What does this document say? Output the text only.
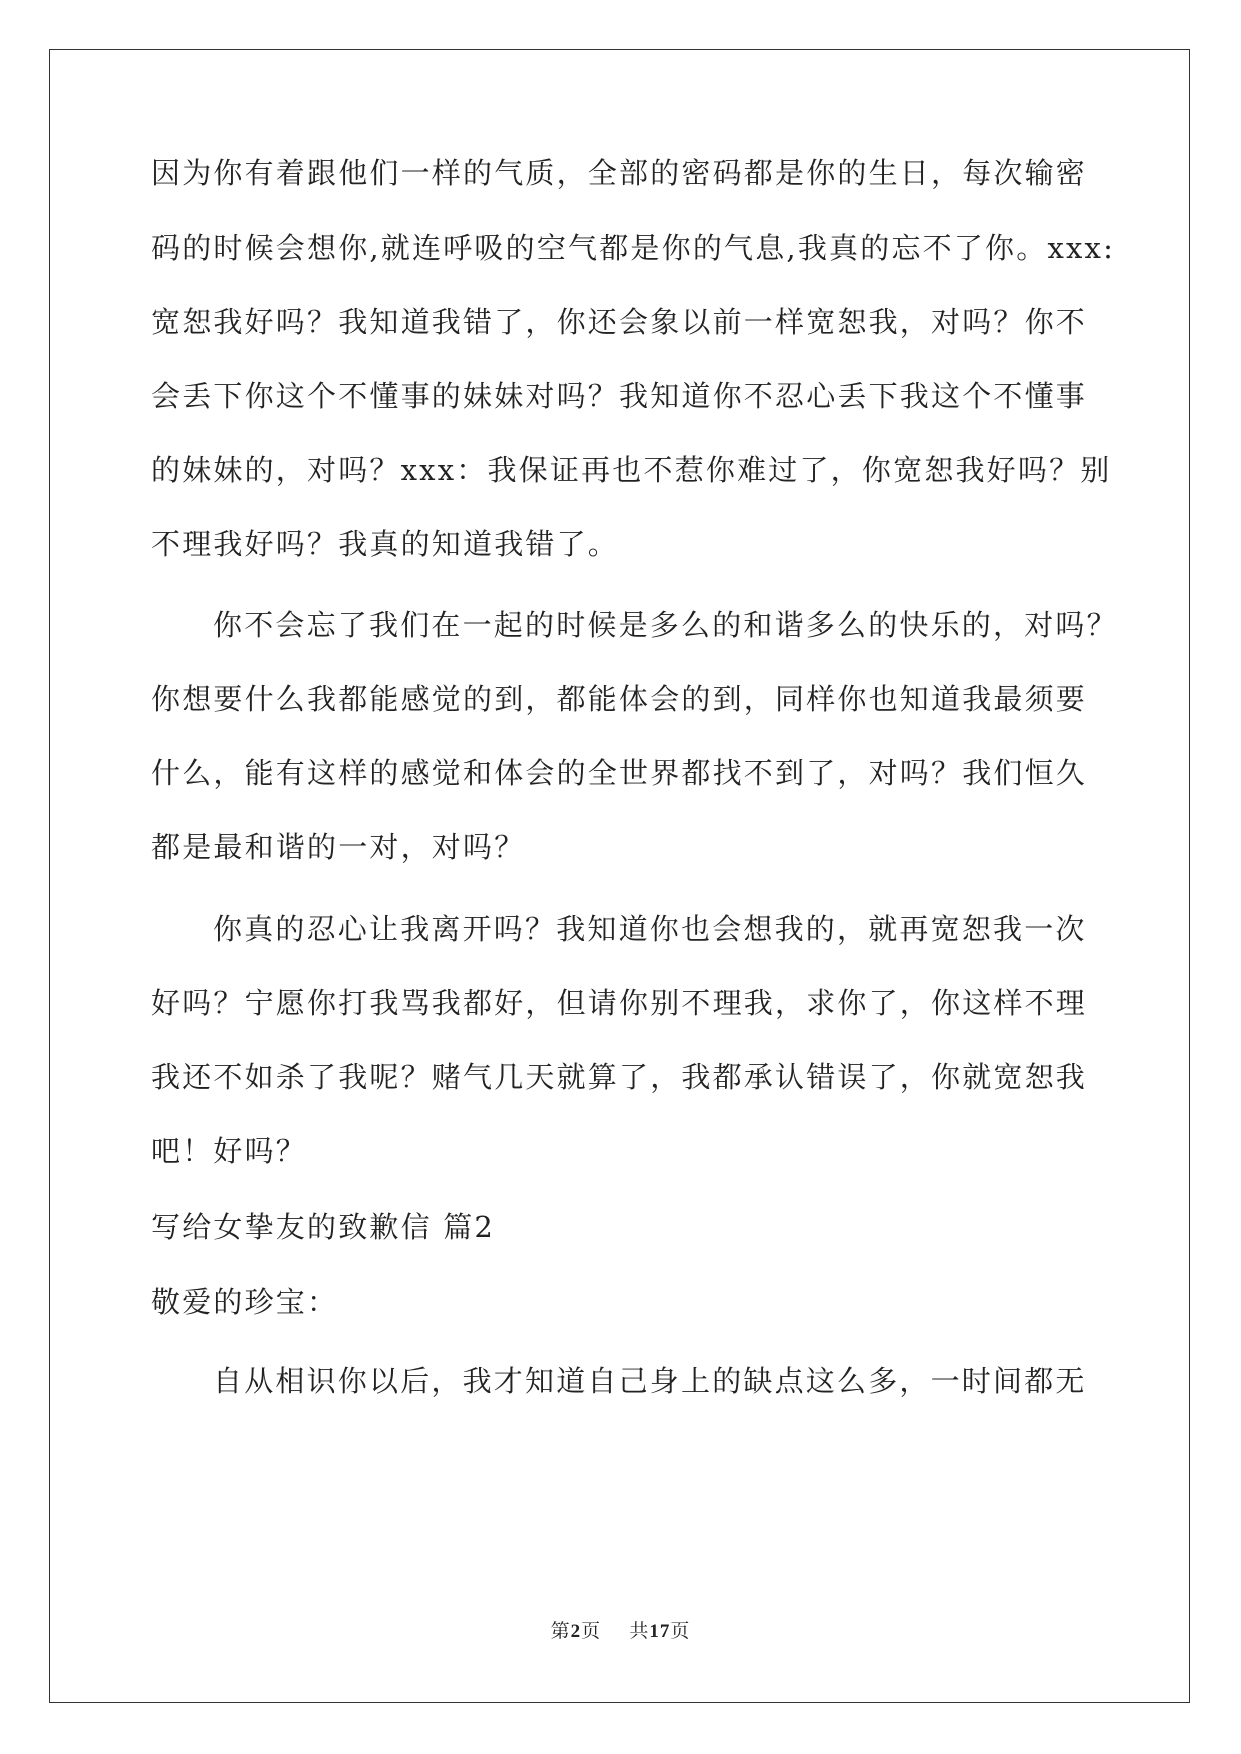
因为你有着跟他们一样的气质，全部的密码都是你的生日，每次输密
码的时候会想你,就连呼吸的空气都是你的气息,我真的忘不了你。xxx:
宽恕我好吗？我知道我错了，你还会象以前一样宽恕我，对吗？你不
会丢下你这个不懂事的妹妹对吗？我知道你不忍心丢下我这个不懂事
的妹妹的，对吗？xxx：我保证再也不惹你难过了，你宽恕我好吗？别
不理我好吗？我真的知道我错了。
你不会忘了我们在一起的时候是多么的和谐多么的快乐的，对吗？
你想要什么我都能感觉的到，都能体会的到，同样你也知道我最须要
什么，能有这样的感觉和体会的全世界都找不到了，对吗？我们恒久
都是最和谐的一对，对吗？
你真的忍心让我离开吗？我知道你也会想我的，就再宽恕我一次
好吗？宁愿你打我骂我都好，但请你别不理我，求你了，你这样不理
我还不如杀了我呢？赌气几天就算了，我都承认错误了，你就宽恕我
吧！好吗？
写给女挚友的致歉信 篇2
敬爱的珍宝：
自从相识你以后，我才知道自己身上的缺点这么多，一时间都无
第2页 共17页
